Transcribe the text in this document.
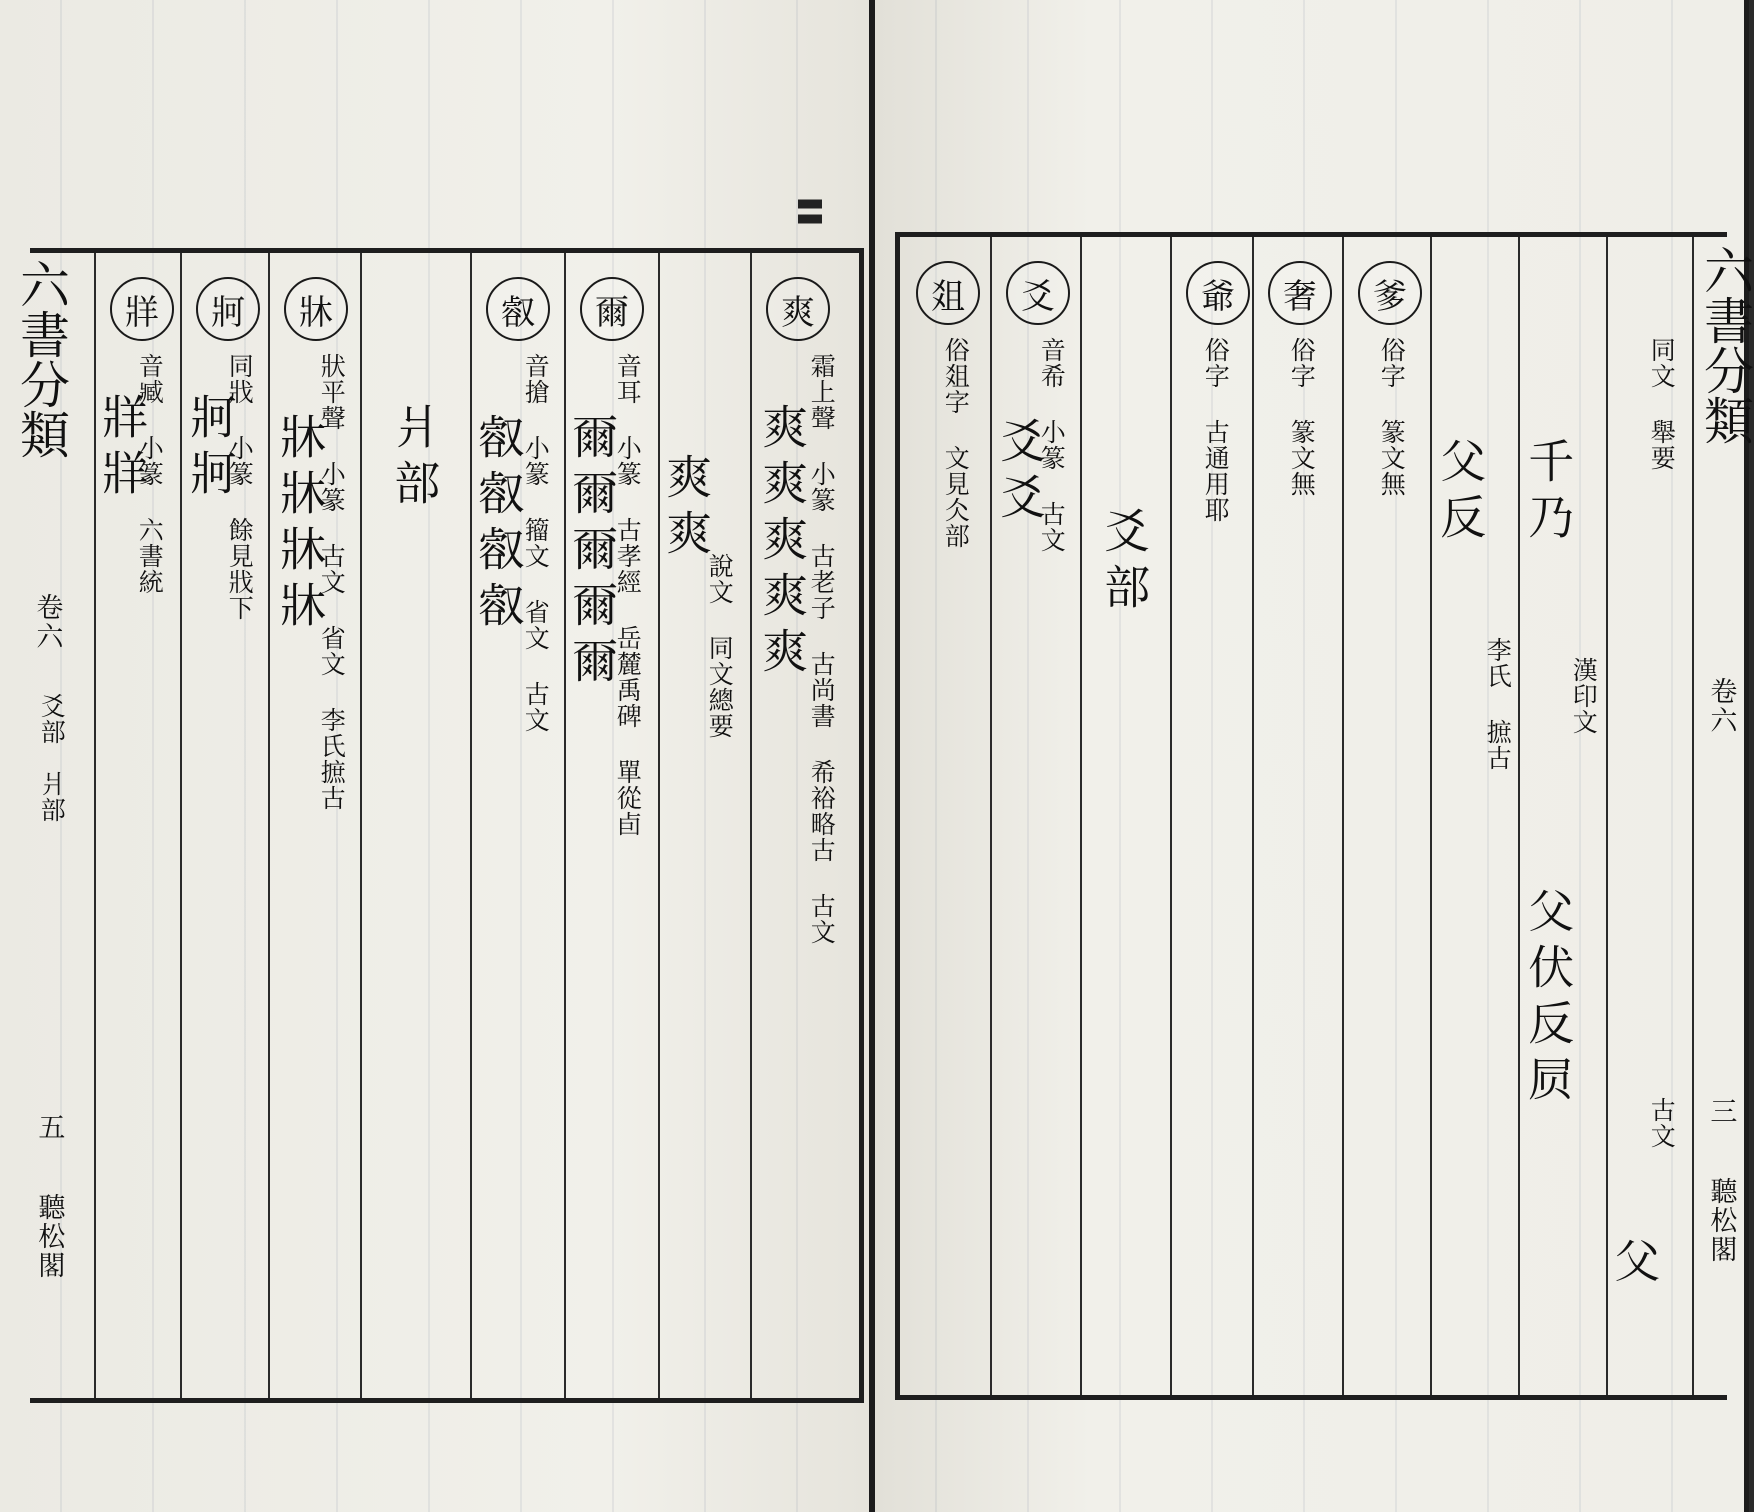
〓
六書分類
卷六
爻部　爿部
五
聽松閣
牂
音臧 小篆 六書統
牂牂
牁
同戕 小篆 餘見戕下
牁牁
牀
狀平聲 小篆 古文 省文 李氏摭古
牀牀牀牀 爿部
㕡
音搶 小篆 籀文 省文 古文
㕡㕡㕡㕡
爾
音耳 小篆 古孝經 岳麓禹碑 單從卣
爾爾爾爾爾	說文 同文總要
爽爽
爽
霜上聲 小篆 古老子 古尚書 希裕略古 古文
爽爽爽爽爽
爼
俗爼字 文見仌部
爻
音希 小篆 古文
爻爻
爻部
爺
俗字 古通用耶
奢
俗字 篆文無
爹
俗字 篆文無 父反
李氏 摭古
千乃
漢印文
父伏反屃
同文 舉要
古文
父
六書分類
卷六
三
聽松閣
